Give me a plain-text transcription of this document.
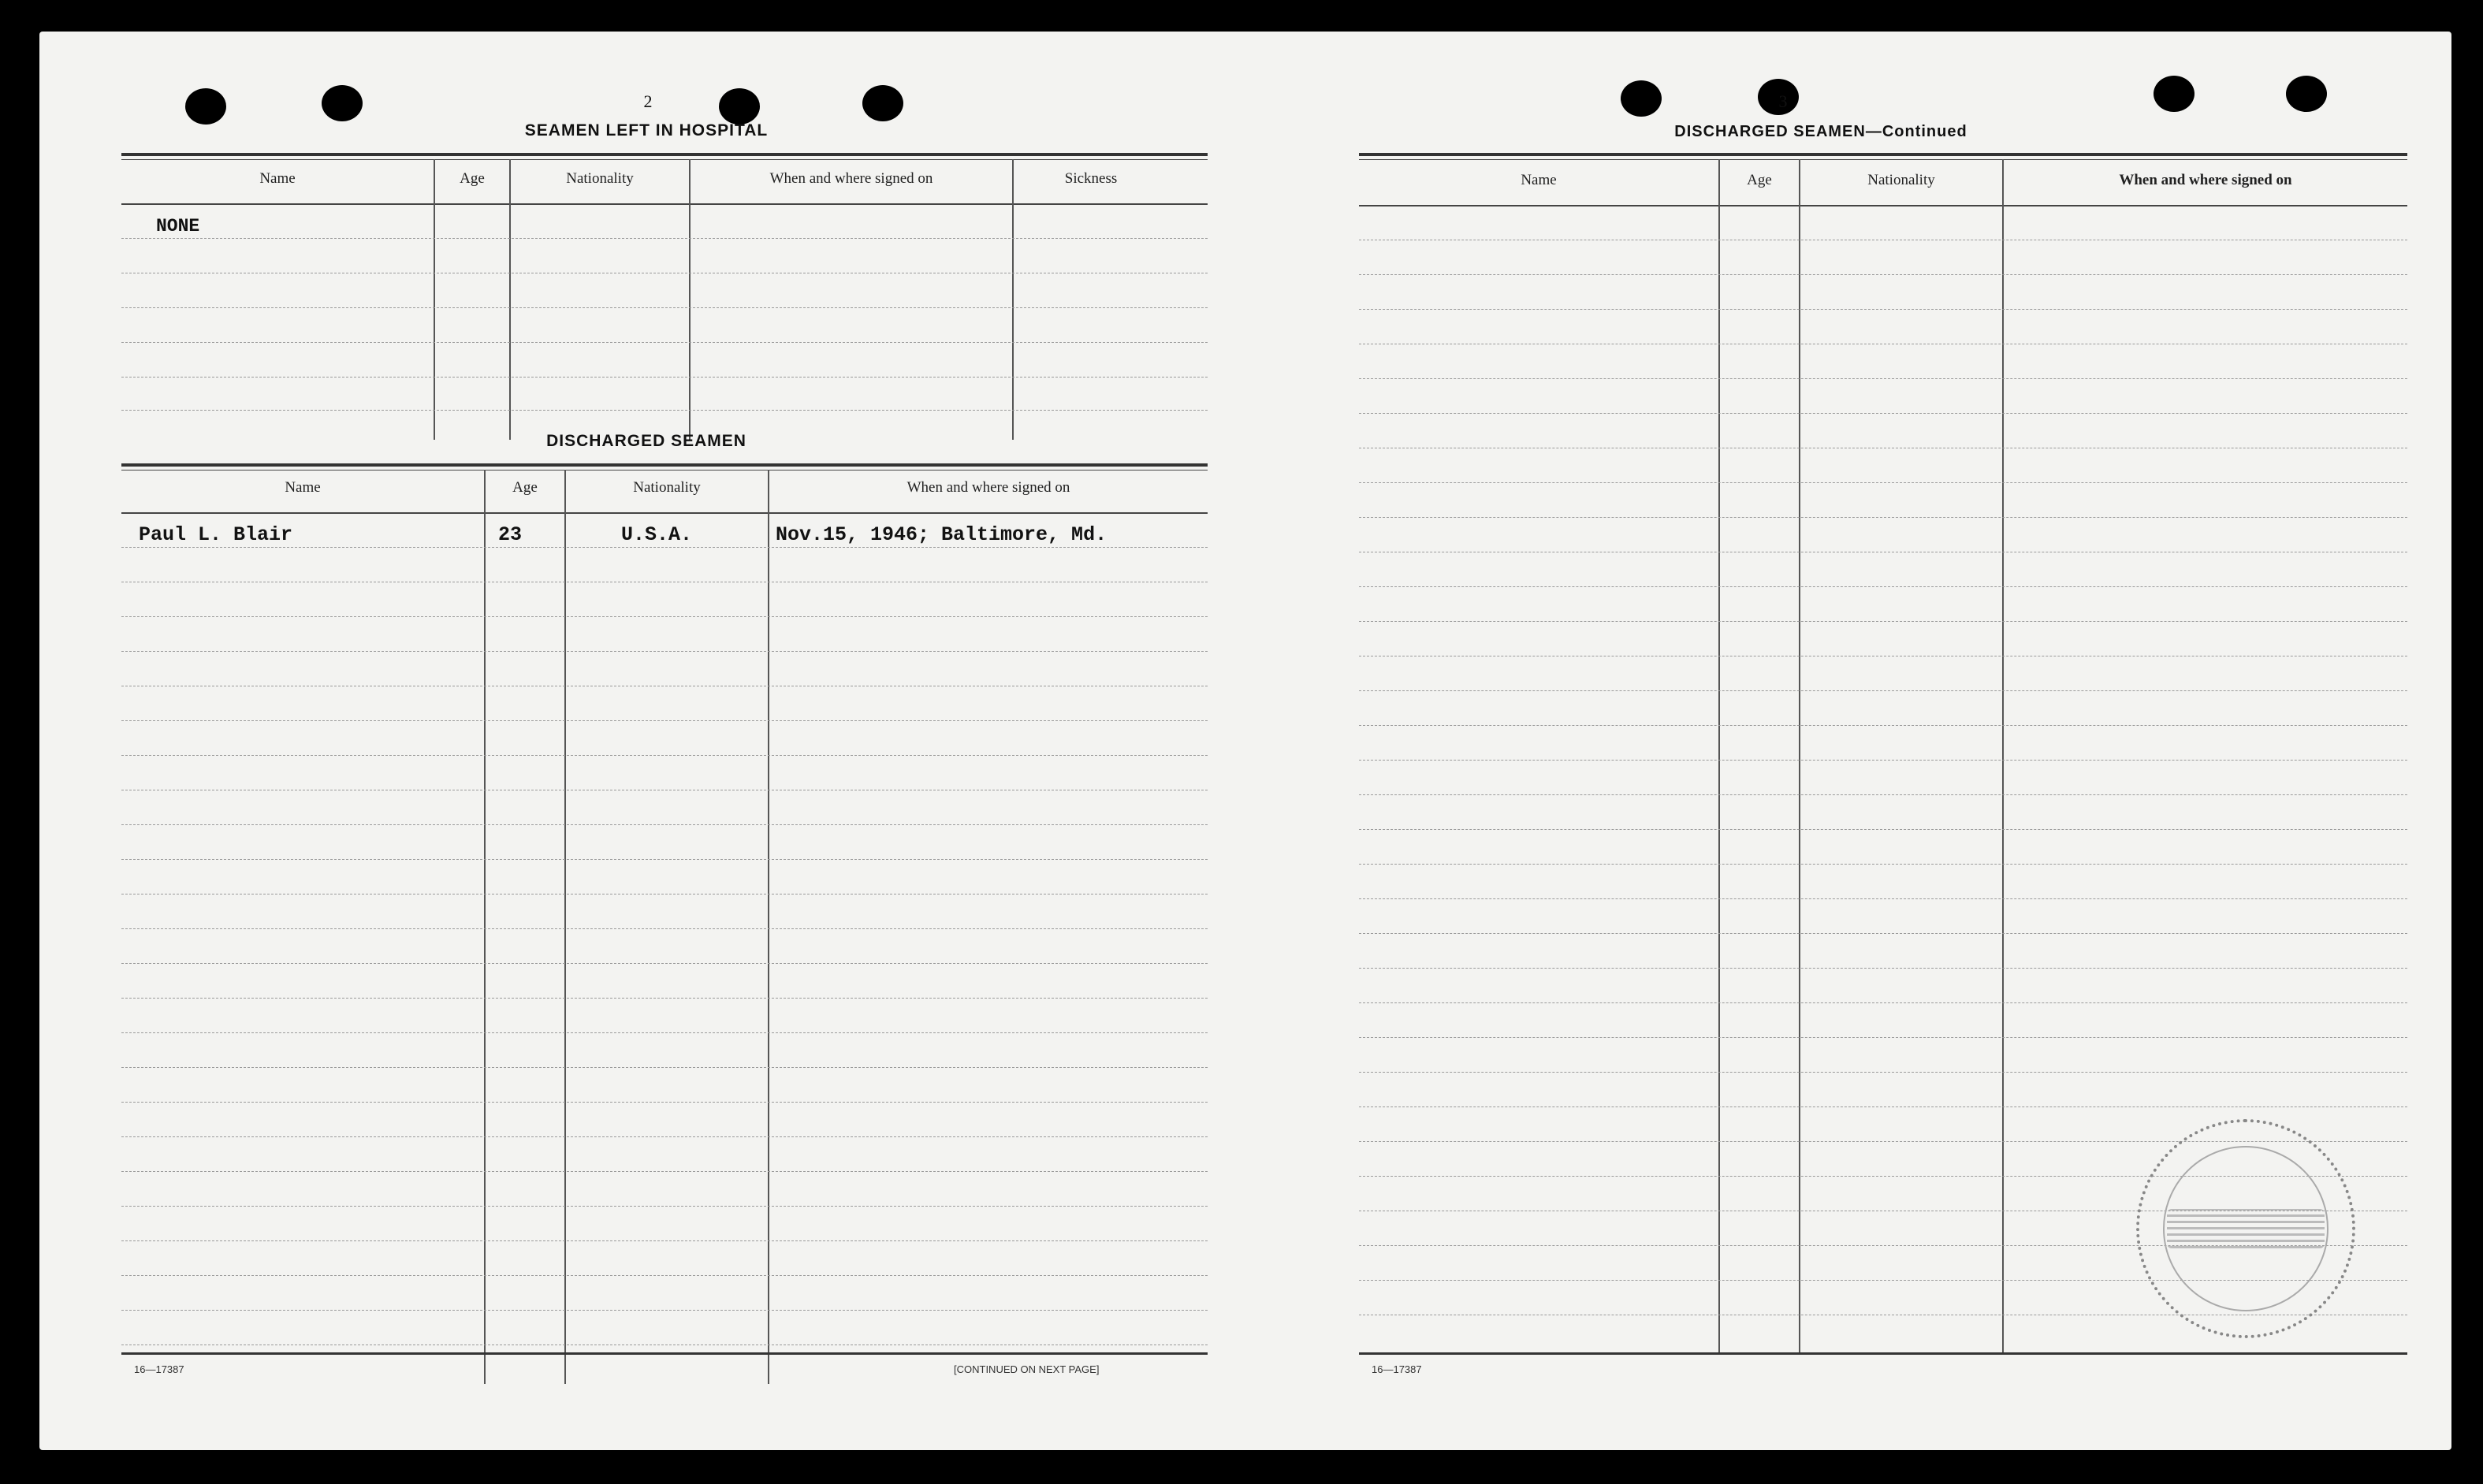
2
SEAMEN LEFT IN HOSPITAL
Name	Age	Nationality	When and where signed on	Sickness
NONE
DISCHARGED SEAMEN
Name	Age	Nationality	When and where signed on
Paul L. Blair	23	U.S.A.	Nov.15, 1946; Baltimore, Md.
16—17387	[CONTINUED ON NEXT PAGE]
3
DISCHARGED SEAMEN—Continued
Name	Age	Nationality	When and where signed on
16—17387
